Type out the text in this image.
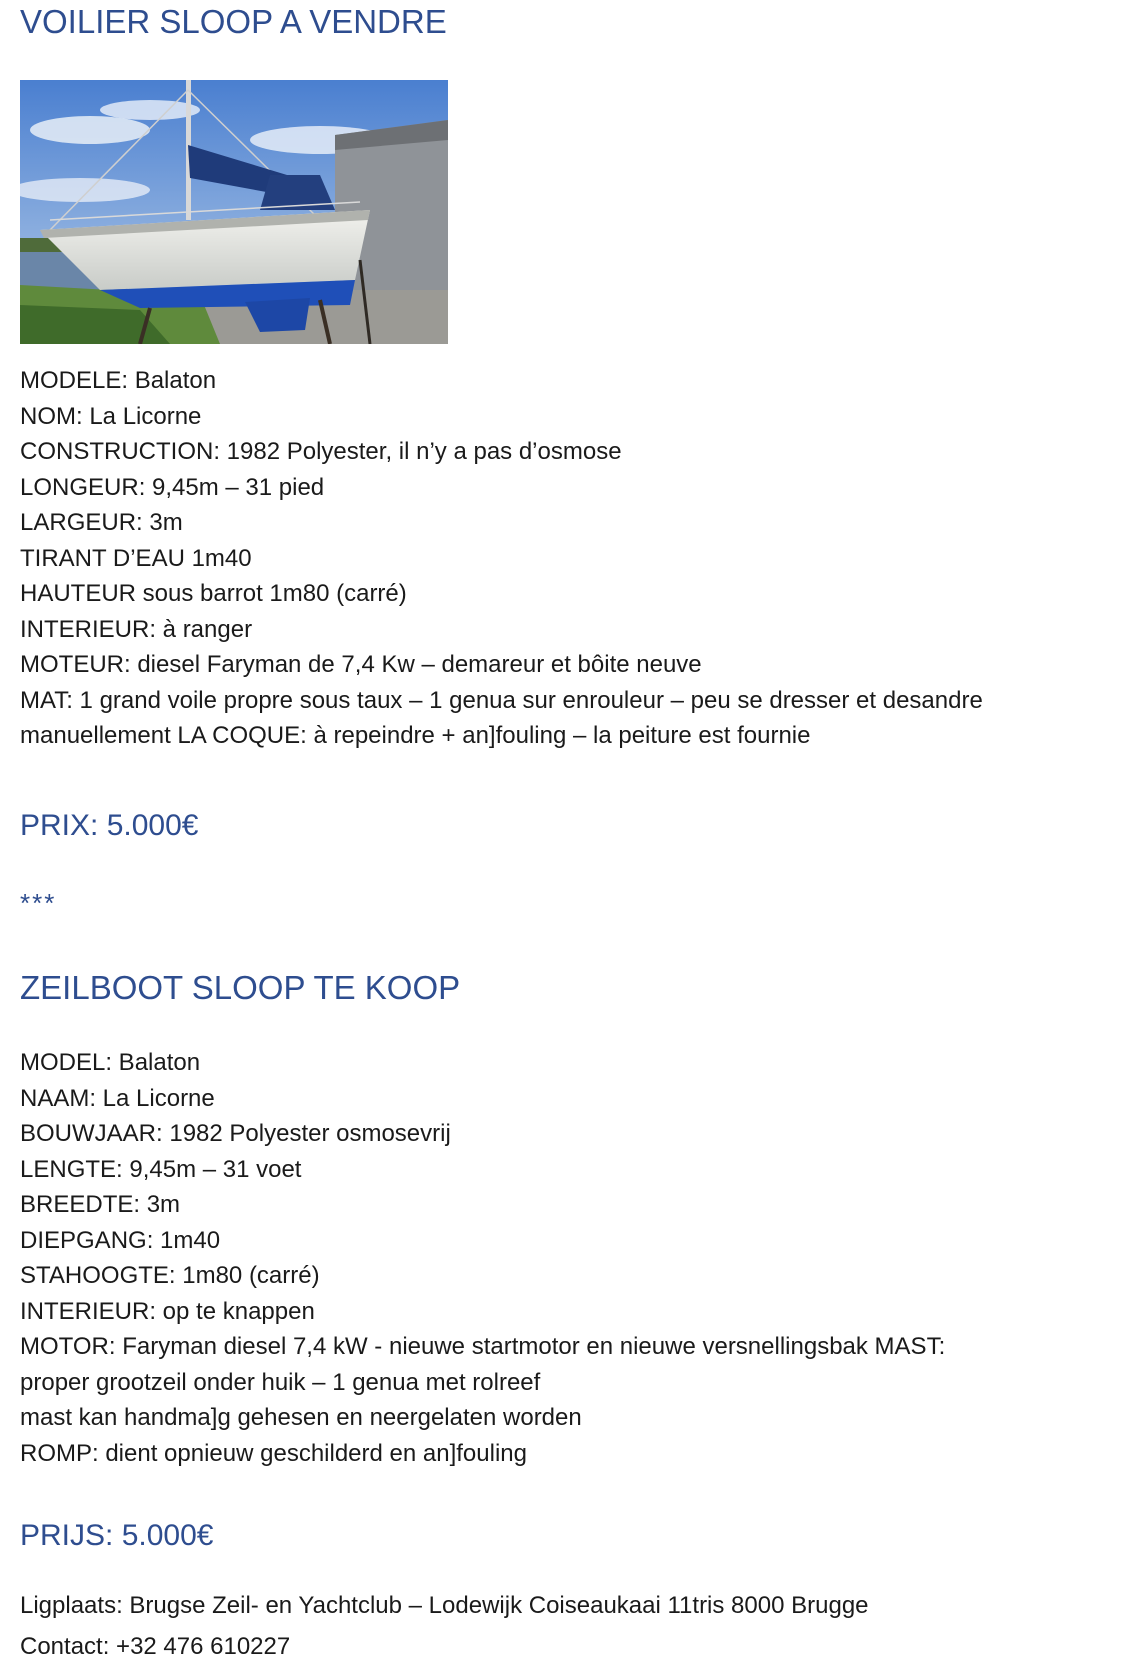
VOILIER SLOOP A VENDRE
MODELE: Balaton
NOM: La Licorne
CONSTRUCTION: 1982 Polyester, il n’y a pas d’osmose
LONGEUR: 9,45m – 31 pied
LARGEUR: 3m
TIRANT D’EAU 1m40
HAUTEUR sous barrot 1m80 (carré)
INTERIEUR: à ranger
MOTEUR: diesel Faryman de 7,4 Kw – demareur et bôite neuve
MAT: 1 grand voile propre sous taux – 1 genua sur enrouleur – peu se dresser et desandre
manuellement LA COQUE: à repeindre + an]fouling – la peiture est fournie
PRIX: 5.000€
***
ZEILBOOT SLOOP TE KOOP
MODEL: Balaton
NAAM: La Licorne
BOUWJAAR: 1982 Polyester osmosevrij
LENGTE: 9,45m – 31 voet
BREEDTE: 3m
DIEPGANG: 1m40
STAHOOGTE: 1m80 (carré)
INTERIEUR: op te knappen
MOTOR: Faryman diesel 7,4 kW - nieuwe startmotor en nieuwe versnellingsbak MAST:
proper grootzeil onder huik – 1 genua met rolreef
mast kan handma]g gehesen en neergelaten worden
ROMP: dient opnieuw geschilderd en an]fouling
PRIJS: 5.000€
Ligplaats: Brugse Zeil- en Yachtclub – Lodewijk Coiseaukaai 11tris 8000 Brugge
Contact: +32 476 610227
